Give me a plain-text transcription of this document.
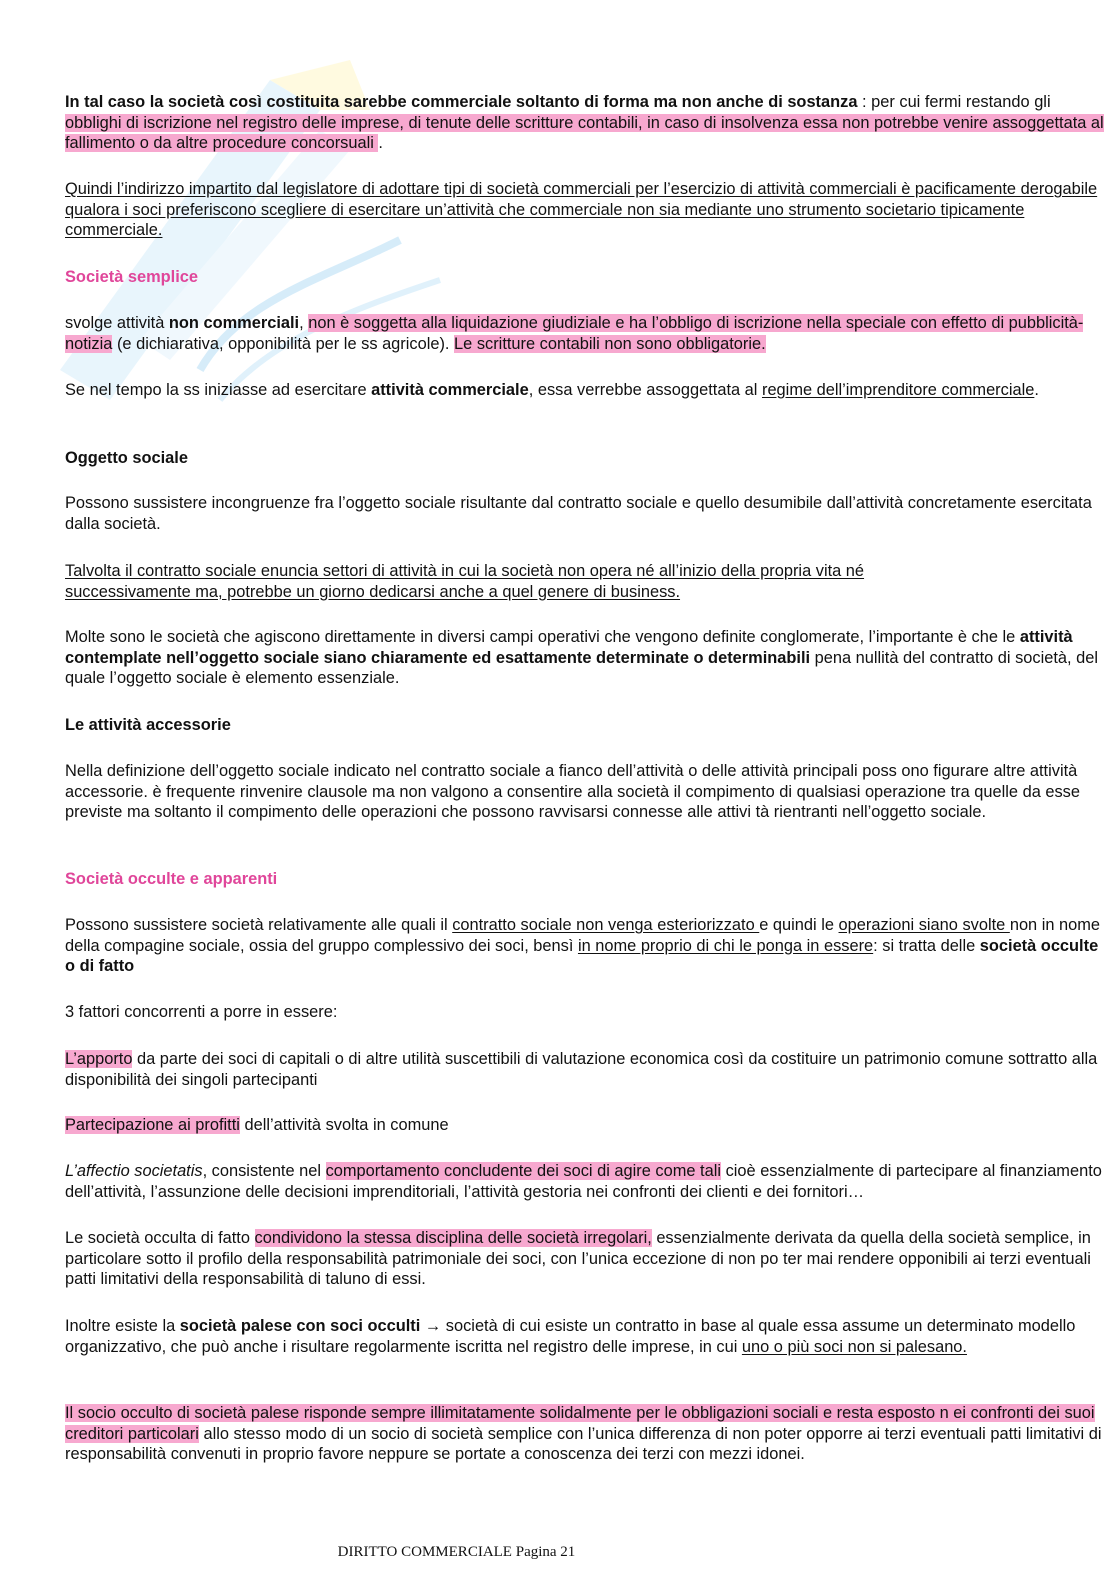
In tal caso la società così costituita sarebbe commerciale soltanto di forma ma non anche di sostanza : per cui fermi restando gli obblighi di iscrizione nel registro delle imprese, di tenute delle scritture contabili, in caso di insolvenza essa non potrebbe venire assoggettata al fallimento o da altre procedure concorsuali .

Quindi l’indirizzo impartito dal legislatore di adottare tipi di società commerciali per l’esercizio di attività commerciali è pacificamente derogabile qualora i soci preferiscono scegliere di esercitare un’attività che commerciale non sia mediante uno strumento societario tipicamente commerciale.

Società semplice

svolge attività non commerciali, non è soggetta alla liquidazione giudiziale e ha l’obbligo di iscrizione nella speciale con effetto di pubblicità-notizia (e dichiarativa, opponibilità per le ss agricole). Le scritture contabili non sono obbligatorie.

Se nel tempo la ss iniziasse ad esercitare attività commerciale, essa verrebbe assoggettata al regime dell’imprenditore commerciale.

Oggetto sociale

Possono sussistere incongruenze fra l’oggetto sociale risultante dal contratto sociale e quello desumibile dall’attività concretamente esercitata dalla società.

Talvolta il contratto sociale enuncia settori di attività in cui la società non opera né all’inizio della propria vita né successivamente ma, potrebbe un giorno dedicarsi anche a quel genere di business.

Molte sono le società che agiscono direttamente in diversi campi operativi che vengono definite conglomerate, l’importante è che le attività contemplate nell’oggetto sociale siano chiaramente ed esattamente determinate o determinabili pena nullità del contratto di società, del quale l’oggetto sociale è elemento essenziale.

Le attività accessorie

Nella definizione dell’oggetto sociale indicato nel contratto sociale a fianco dell’attività o delle attività principali poss ono figurare altre attività accessorie. è frequente rinvenire clausole ma non valgono a consentire alla società il compimento di qualsiasi operazione tra quelle da esse previste ma soltanto il compimento delle operazioni che possono ravvisarsi connesse alle attivi tà rientranti nell’oggetto sociale.

Società occulte e apparenti

Possono sussistere società relativamente alle quali il contratto sociale non venga esteriorizzato e quindi le operazioni siano svolte non in nome della compagine sociale, ossia del gruppo complessivo dei soci, bensì in nome proprio di chi le ponga in essere: si tratta delle società occulte o di fatto

3 fattori concorrenti a porre in essere:

L’apporto da parte dei soci di capitali o di altre utilità suscettibili di valutazione economica così da costituire un patrimonio comune sottratto alla disponibilità dei singoli partecipanti

Partecipazione ai profitti dell’attività svolta in comune

L’affectio societatis, consistente nel comportamento concludente dei soci di agire come tali cioè essenzialmente di partecipare al finanziamento dell’attività, l’assunzione delle decisioni imprenditoriali, l’attività gestoria nei confronti dei clienti e dei fornitori…

Le società occulta di fatto condividono la stessa disciplina delle società irregolari, essenzialmente derivata da quella della società semplice, in particolare sotto il profilo della responsabilità patrimoniale dei soci, con l’unica eccezione di non po ter mai rendere opponibili ai terzi eventuali patti limitativi della responsabilità di taluno di essi.

Inoltre esiste la società palese con soci occulti → società di cui esiste un contratto in base al quale essa assume un determinato modello organizzativo, che può anche i risultare regolarmente iscritta nel registro delle imprese, in cui uno o più soci non si palesano.

Il socio occulto di società palese risponde sempre illimitatamente solidalmente per le obbligazioni sociali e resta esposto n ei confronti dei suoi creditori particolari allo stesso modo di un socio di società semplice con l’unica differenza di non poter opporre ai terzi eventuali patti limitativi di responsabilità convenuti in proprio favore neppure se portate a conoscenza dei terzi con mezzi idonei.

DIRITTO COMMERCIALE Pagina 21
